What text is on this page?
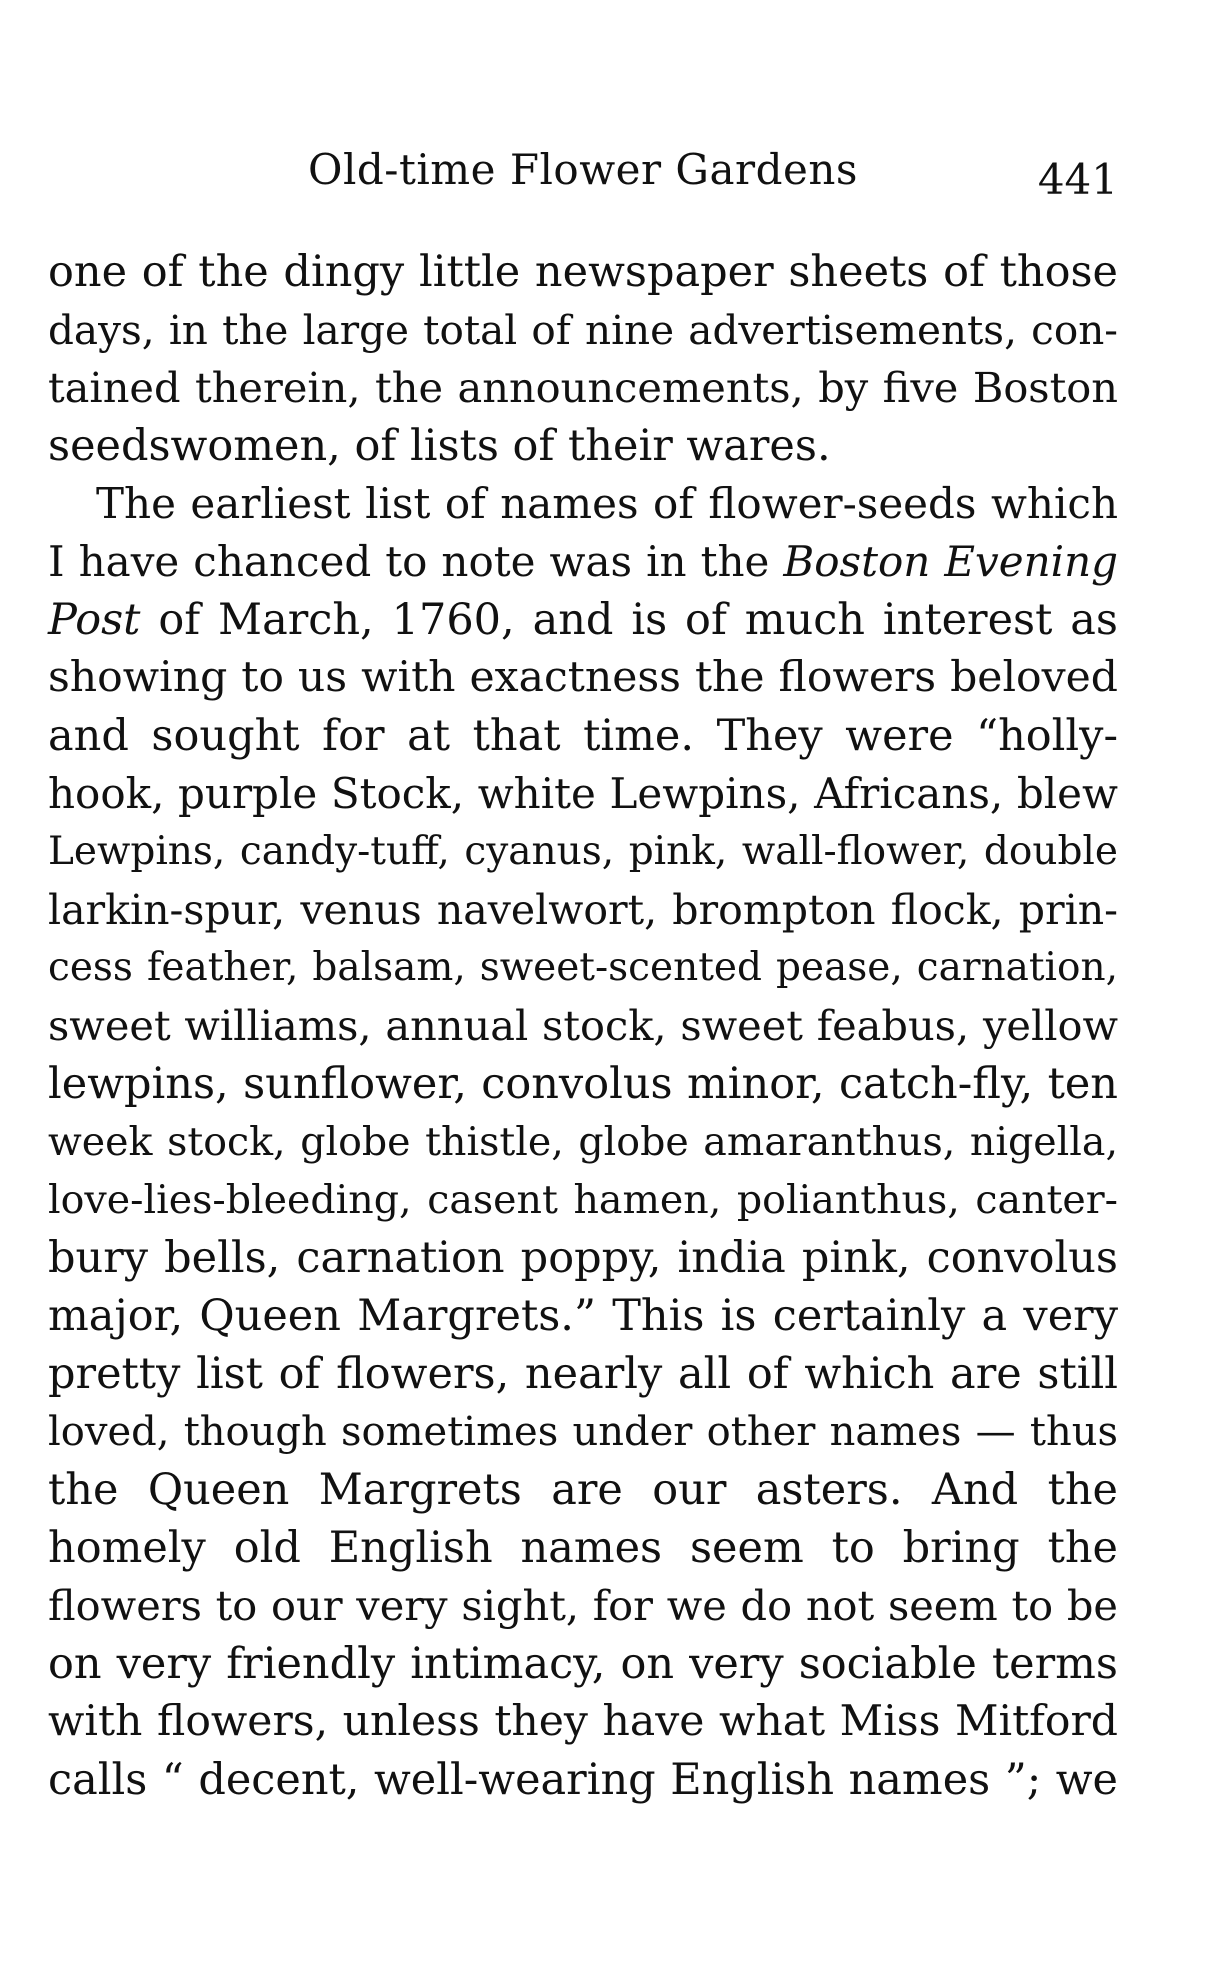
Old-time Flower Gardens	441
one of the dingy little newspaper sheets of those
days, in the large total of nine advertisements, con-
tained therein, the announcements, by five Boston
seedswomen, of lists of their wares.
The earliest list of names of flower-seeds which
I have chanced to note was in the Boston Evening
Post of March, 1760, and is of much interest as
showing to us with exactness the flowers beloved
and sought for at that time. They were “holly-
hook, purple Stock, white Lewpins, Africans, blew
Lewpins, candy-tuff, cyanus, pink, wall-flower, double
larkin-spur, venus navelwort, brompton flock, prin-
cess feather, balsam, sweet-scented pease, carnation,
sweet williams, annual stock, sweet feabus, yellow
lewpins, sunflower, convolus minor, catch-fly, ten
week stock, globe thistle, globe amaranthus, nigella,
love-lies-bleeding, casent hamen, polianthus, canter-
bury bells, carnation poppy, india pink, convolus
major, Queen Margrets.” This is certainly a very
pretty list of flowers, nearly all of which are still
loved, though sometimes under other names — thus
the Queen Margrets are our asters. And the
homely old English names seem to bring the
flowers to our very sight, for we do not seem to be
on very friendly intimacy, on very sociable terms
with flowers, unless they have what Miss Mitford
calls “ decent, well-wearing English names ”; we
